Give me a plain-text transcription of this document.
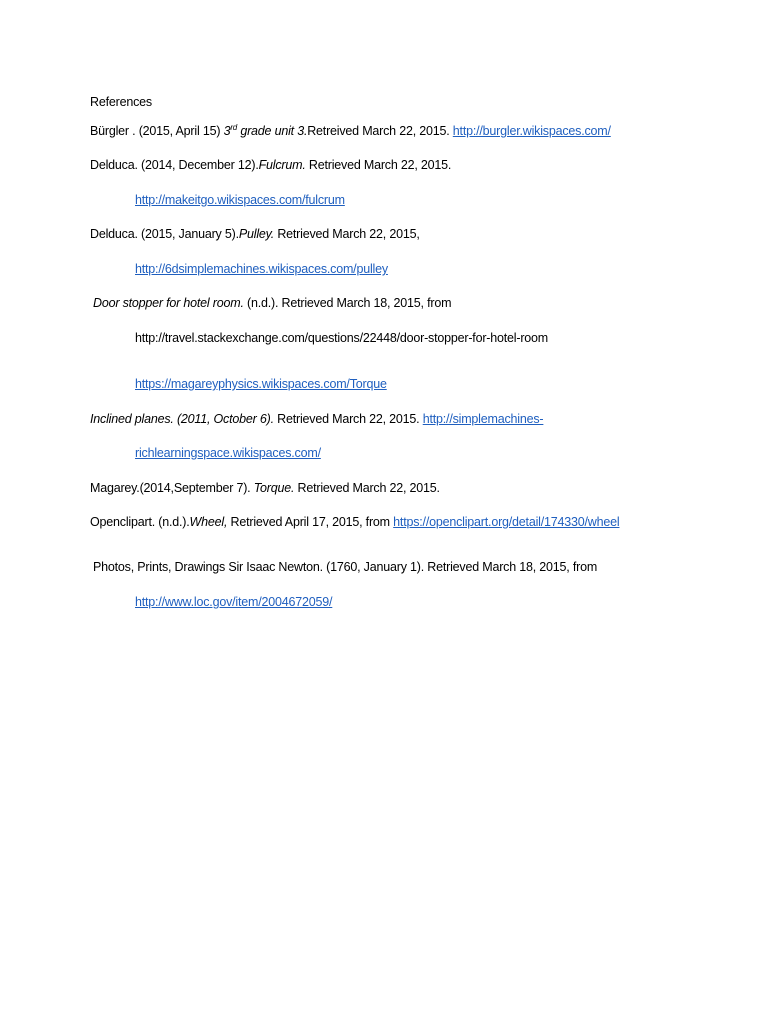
References
Bürgler . (2015, April 15) 3rd grade unit 3.Retreived March 22, 2015. http://burgler.wikispaces.com/
Delduca. (2014, December 12).Fulcrum. Retrieved March 22, 2015.
http://makeitgo.wikispaces.com/fulcrum
Delduca. (2015, January 5).Pulley. Retrieved March 22, 2015,
http://6dsimplemachines.wikispaces.com/pulley
Door stopper for hotel room. (n.d.). Retrieved March 18, 2015, from
http://travel.stackexchange.com/questions/22448/door-stopper-for-hotel-room
https://magareyphysics.wikispaces.com/Torque
Inclined planes. (2011, October 6). Retrieved March 22, 2015. http://simplemachines-
richlearningspace.wikispaces.com/
Magarey.(2014,September 7). Torque. Retrieved March 22, 2015.
Openclipart. (n.d.).Wheel, Retrieved April 17, 2015, from https://openclipart.org/detail/174330/wheel
Photos, Prints, Drawings Sir Isaac Newton. (1760, January 1). Retrieved March 18, 2015, from
http://www.loc.gov/item/2004672059/
